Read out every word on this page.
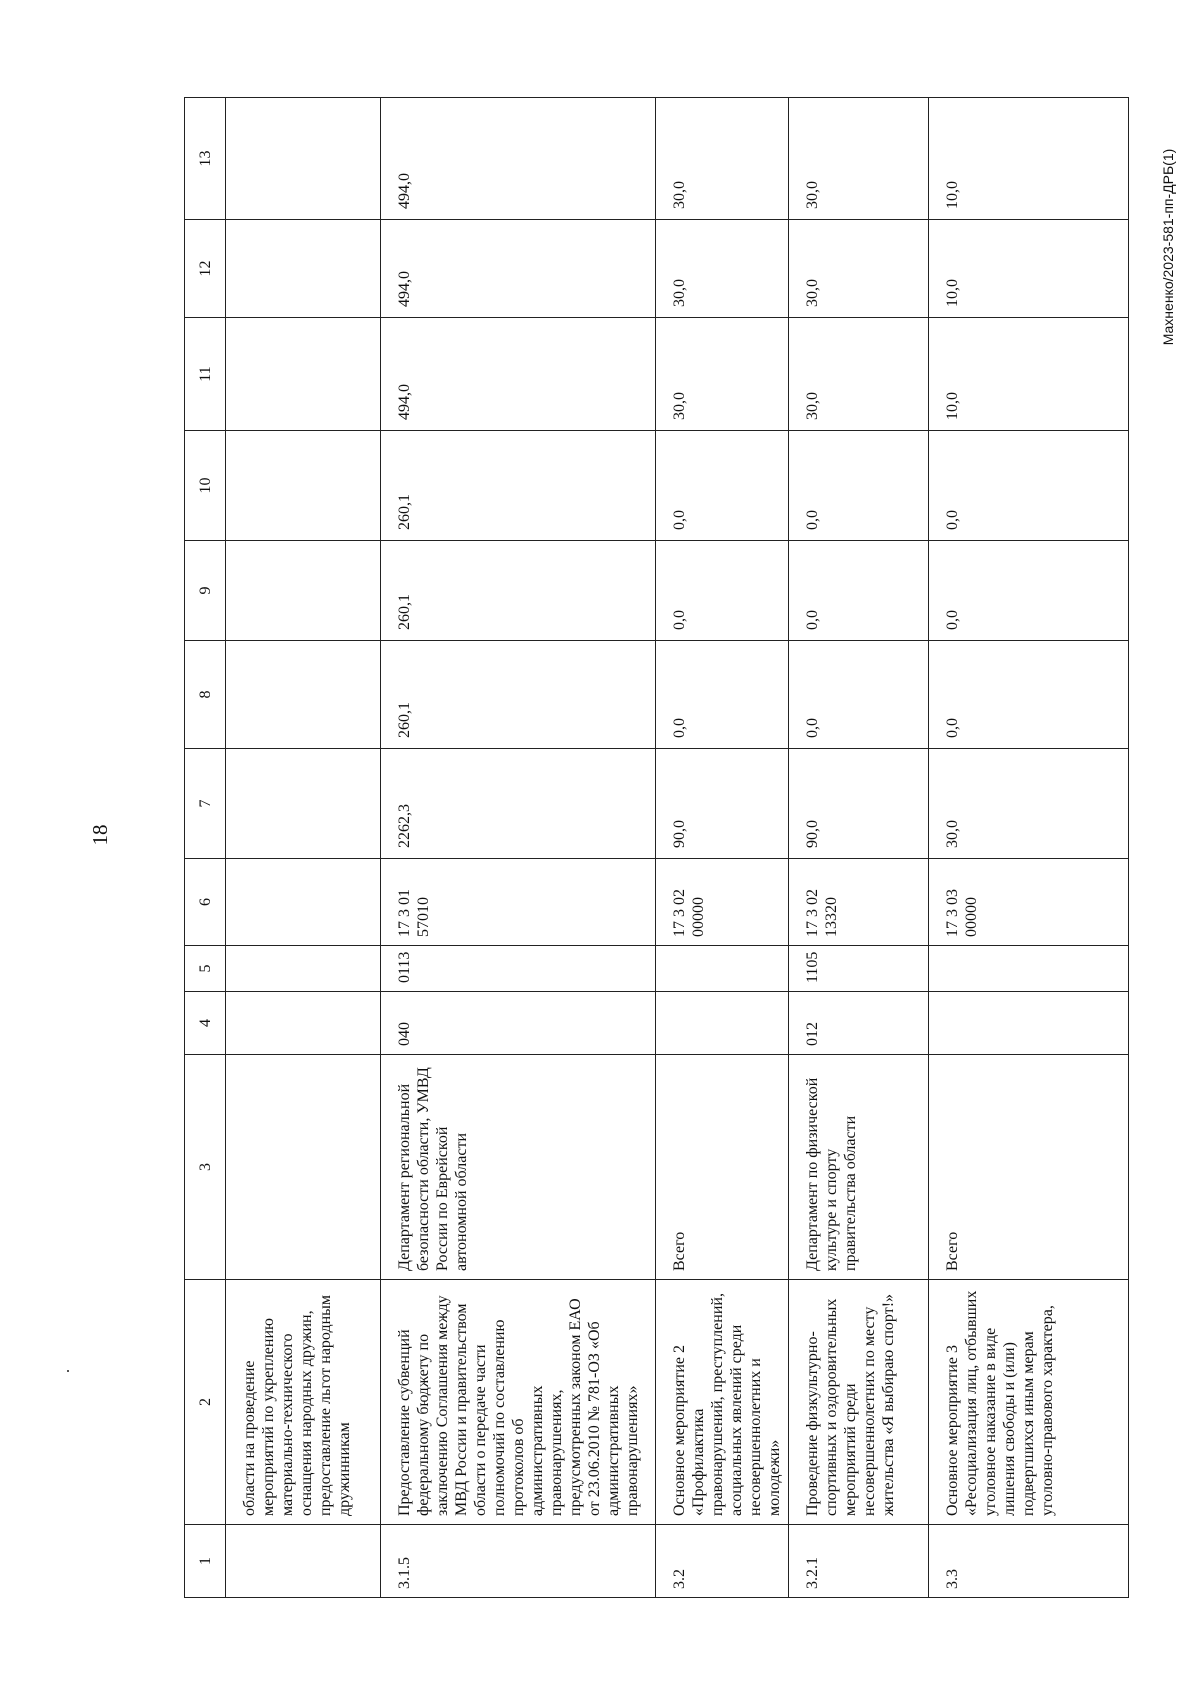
18
Махненко/2023-581-пп-ДРБ(1)
1	2	3	4	5	6	7	8	9	10	11	12	13
	области на проведение мероприятий по укреплению материально-технического оснащения народных дружин, предоставление льгот народным дружинникам											
3.1.5	Предоставление субвенций федеральному бюджету по заключению Соглашения между МВД России и правительством области о передаче части полномочий по составлению протоколов об административных правонарушениях, предусмотренных законом ЕАО от 23.06.2010 № 781-ОЗ «Об административных правонарушениях»	Департамент региональной безопасности области, УМВД России по Еврейской автономной области	040	0113	17 3 01 57010	2262,3	260,1	260,1	260,1	494,0	494,0	494,0
3.2	Основное мероприятие 2 «Профилактика правонарушений, преступлений, асоциальных явлений среди несовершеннолетних и молодежи»	Всего			17 3 02 00000	90,0	0,0	0,0	0,0	30,0	30,0	30,0
3.2.1	Проведение физкультурно-спортивных и оздоровительных мероприятий среди несовершеннолетних по месту жительства «Я выбираю спорт!»	Департамент по физической культуре и спорту правительства области	012	1105	17 3 02 13320	90,0	0,0	0,0	0,0	30,0	30,0	30,0
3.3	Основное мероприятие 3 «Ресоциализация лиц, отбывших уголовное наказание в виде лишения свободы и (или) подвергшихся иным мерам уголовно-правового характера,	Всего			17 3 03 00000	30,0	0,0	0,0	0,0	10,0	10,0	10,0
